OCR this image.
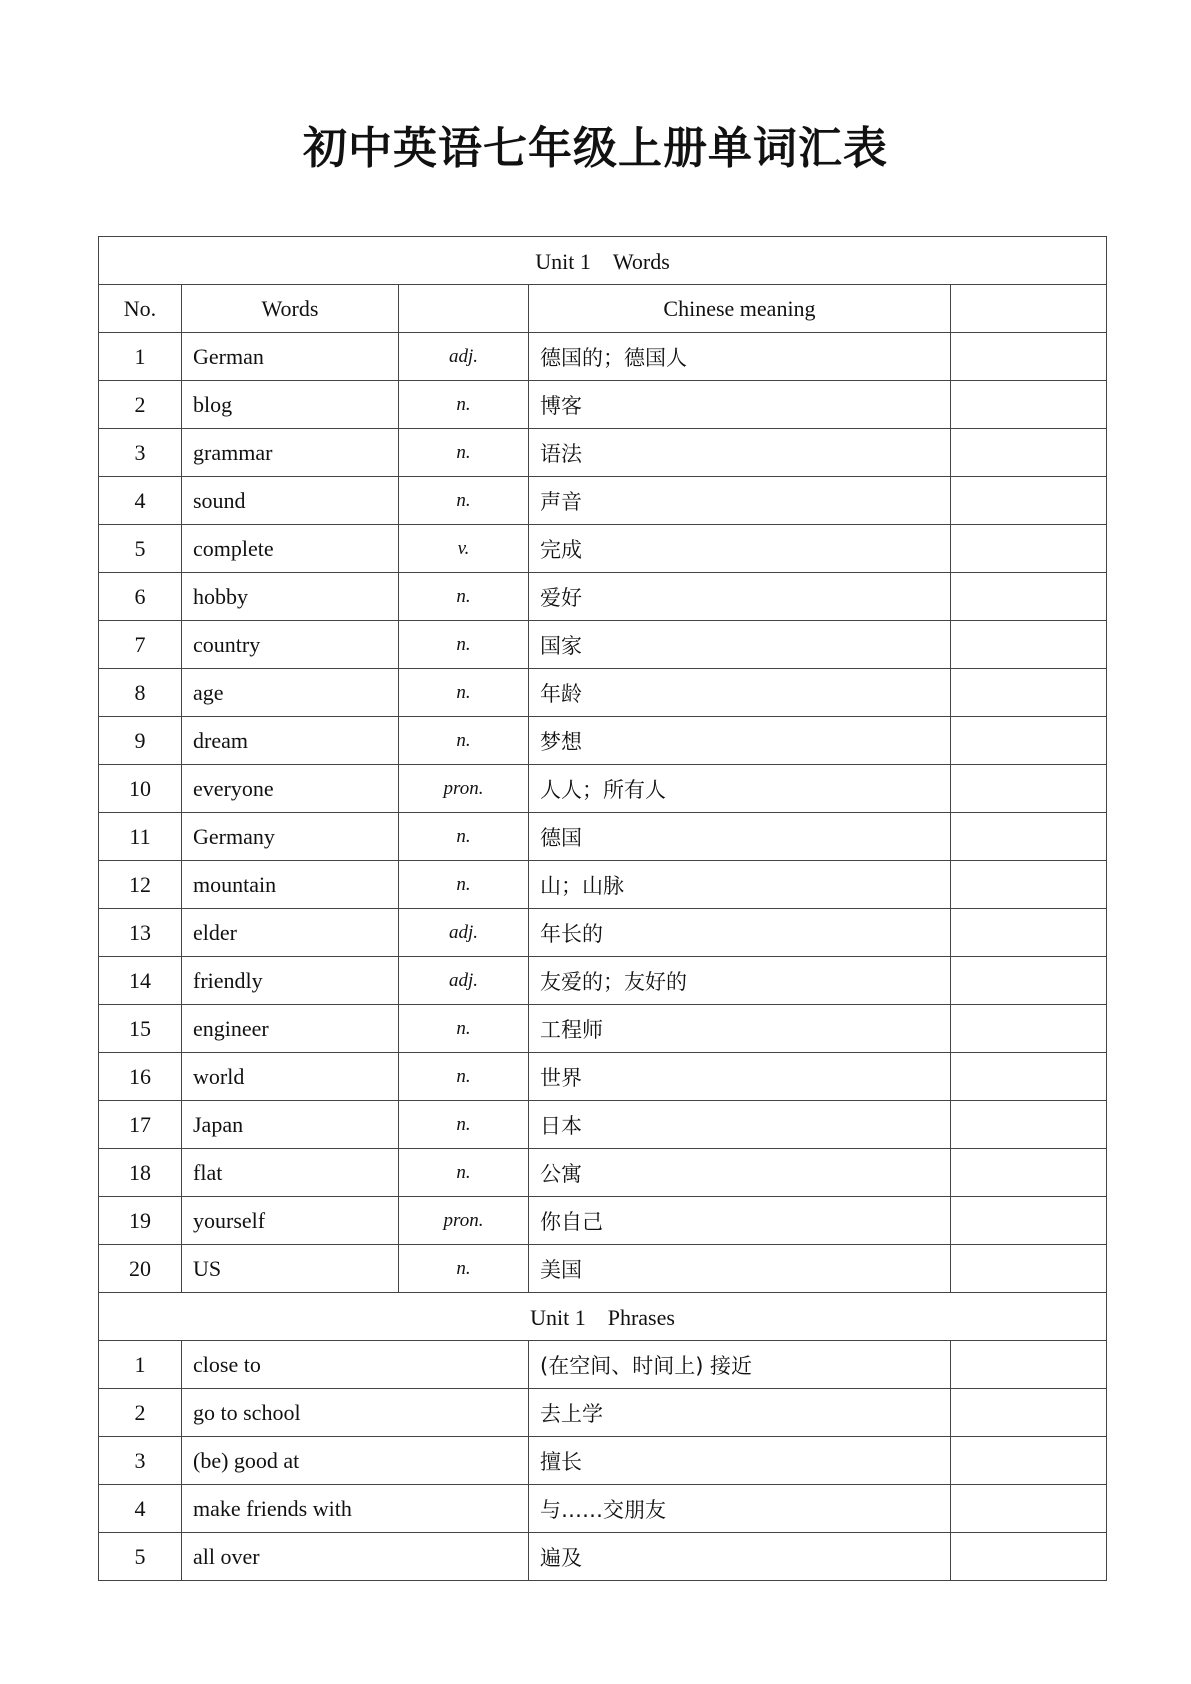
初中英语七年级上册单词汇表
Unit 1　Words				
No.	Words		Chinese meaning	
1	German	adj.	德国的；德国人	
2	blog	n.	博客	
3	grammar	n.	语法	
4	sound	n.	声音	
5	complete	v.	完成	
6	hobby	n.	爱好	
7	country	n.	国家	
8	age	n.	年龄	
9	dream	n.	梦想	
10	everyone	pron.	人人；所有人	
11	Germany	n.	德国	
12	mountain	n.	山；山脉	
13	elder	adj.	年长的	
14	friendly	adj.	友爱的；友好的	
15	engineer	n.	工程师	
16	world	n.	世界	
17	Japan	n.	日本	
18	flat	n.	公寓	
19	yourself	pron.	你自己	
20	US	n.	美国	
Unit 1　Phrases				
1	close to		(在空间、时间上) 接近	
2	go to school		去上学	
3	(be) good at		擅长	
4	make friends with		与……交朋友	
5	all over		遍及	
